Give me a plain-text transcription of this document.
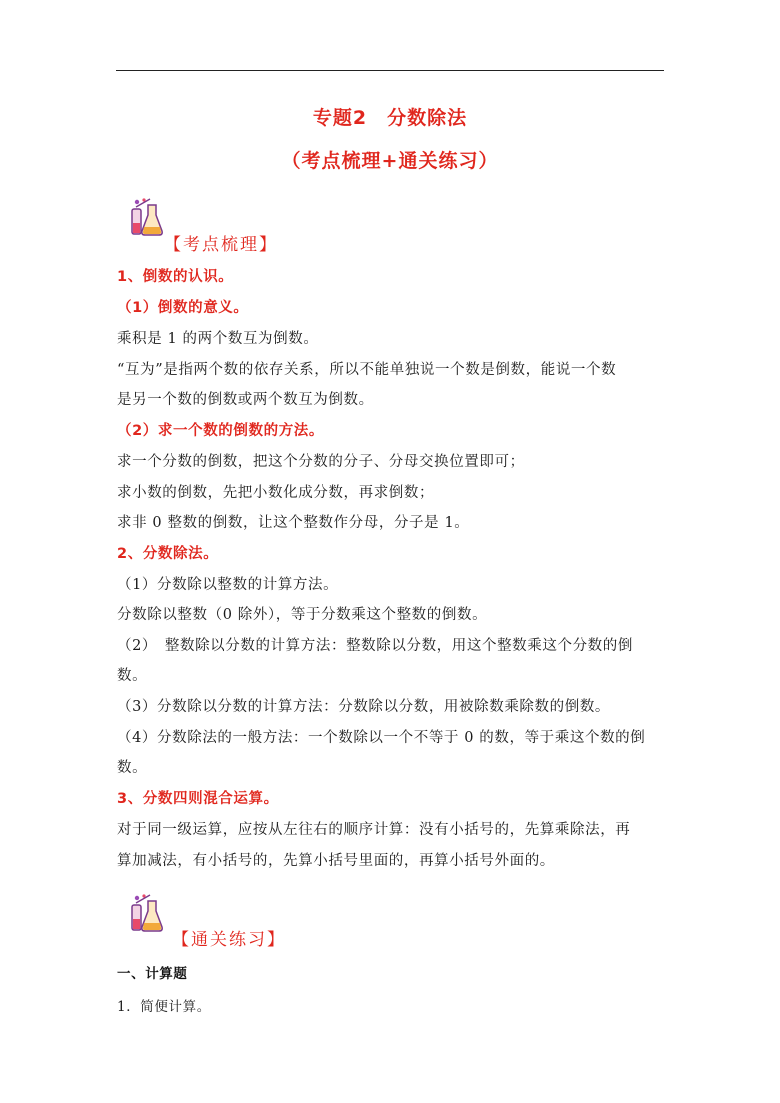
专题2　分数除法
（考点梳理+通关练习）
【考点梳理】
1、倒数的认识。
（1）倒数的意义。
乘积是 1 的两个数互为倒数。
“互为”是指两个数的依存关系，所以不能单独说一个数是倒数，能说一个数
是另一个数的倒数或两个数互为倒数。
（2）求一个数的倒数的方法。
求一个分数的倒数，把这个分数的分子、分母交换位置即可；
求小数的倒数，先把小数化成分数，再求倒数；
求非 0 整数的倒数，让这个整数作分母，分子是 1。
2、分数除法。
（1）分数除以整数的计算方法。
分数除以整数（0 除外），等于分数乘这个整数的倒数。
（2）　整数除以分数的计算方法：整数除以分数，用这个整数乘这个分数的倒
数。
（3）分数除以分数的计算方法：分数除以分数，用被除数乘除数的倒数。
（4）分数除法的一般方法：一个数除以一个不等于 0 的数，等于乘这个数的倒
数。
3、分数四则混合运算。
对于同一级运算，应按从左往右的顺序计算：没有小括号的，先算乘除法，再
算加减法，有小括号的，先算小括号里面的，再算小括号外面的。
【通关练习】
一、计算题
1．简便计算。
